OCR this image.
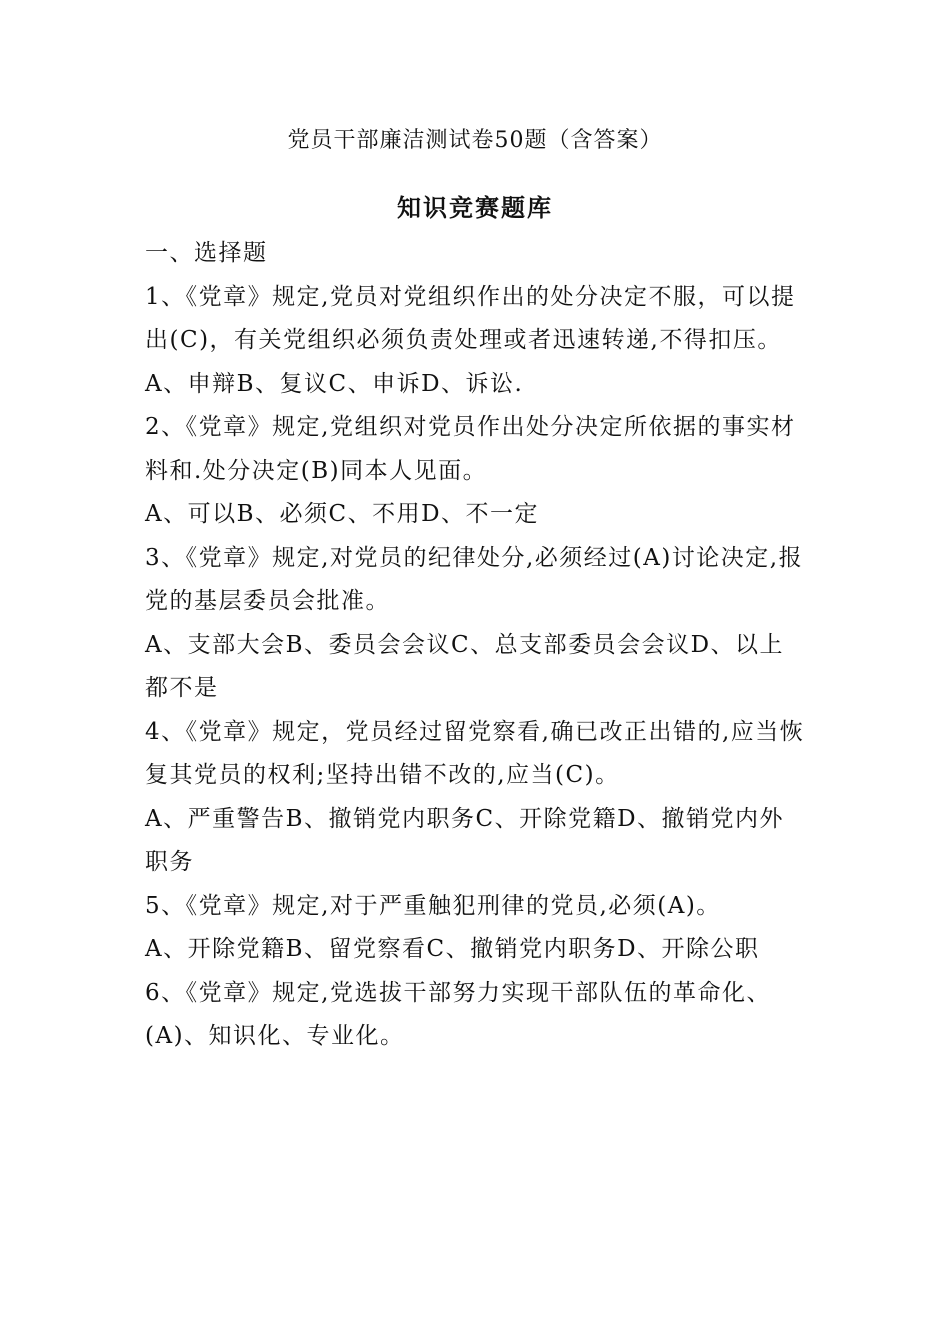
党员干部廉洁测试卷50题（含答案）
知识竞赛题库

一、选择题

1、《党章》规定,党员对党组织作出的处分决定不服，可以提出(C)，有关党组织必须负责处理或者迅速转递,不得扣压。

A、申辩B、复议C、申诉D、诉讼.

2、《党章》规定,党组织对党员作出处分决定所依据的事实材料和.处分决定(B)同本人见面。

A、可以B、必须C、不用D、不一定

3、《党章》规定,对党员的纪律处分,必须经过(A)讨论决定,报党的基层委员会批准。

A、支部大会B、委员会会议C、总支部委员会会议D、以上都不是

4、《党章》规定，党员经过留党察看,确已改正出错的,应当恢复其党员的权利;坚持出错不改的,应当(C)。

A、严重警告B、撤销党内职务C、开除党籍D、撤销党内外职务

5、《党章》规定,对于严重触犯刑律的党员,必须(A)。

A、开除党籍B、留党察看C、撤销党内职务D、开除公职

6、《党章》规定,党选拔干部努力实现干部队伍的革命化、(A)、知识化、专业化。
